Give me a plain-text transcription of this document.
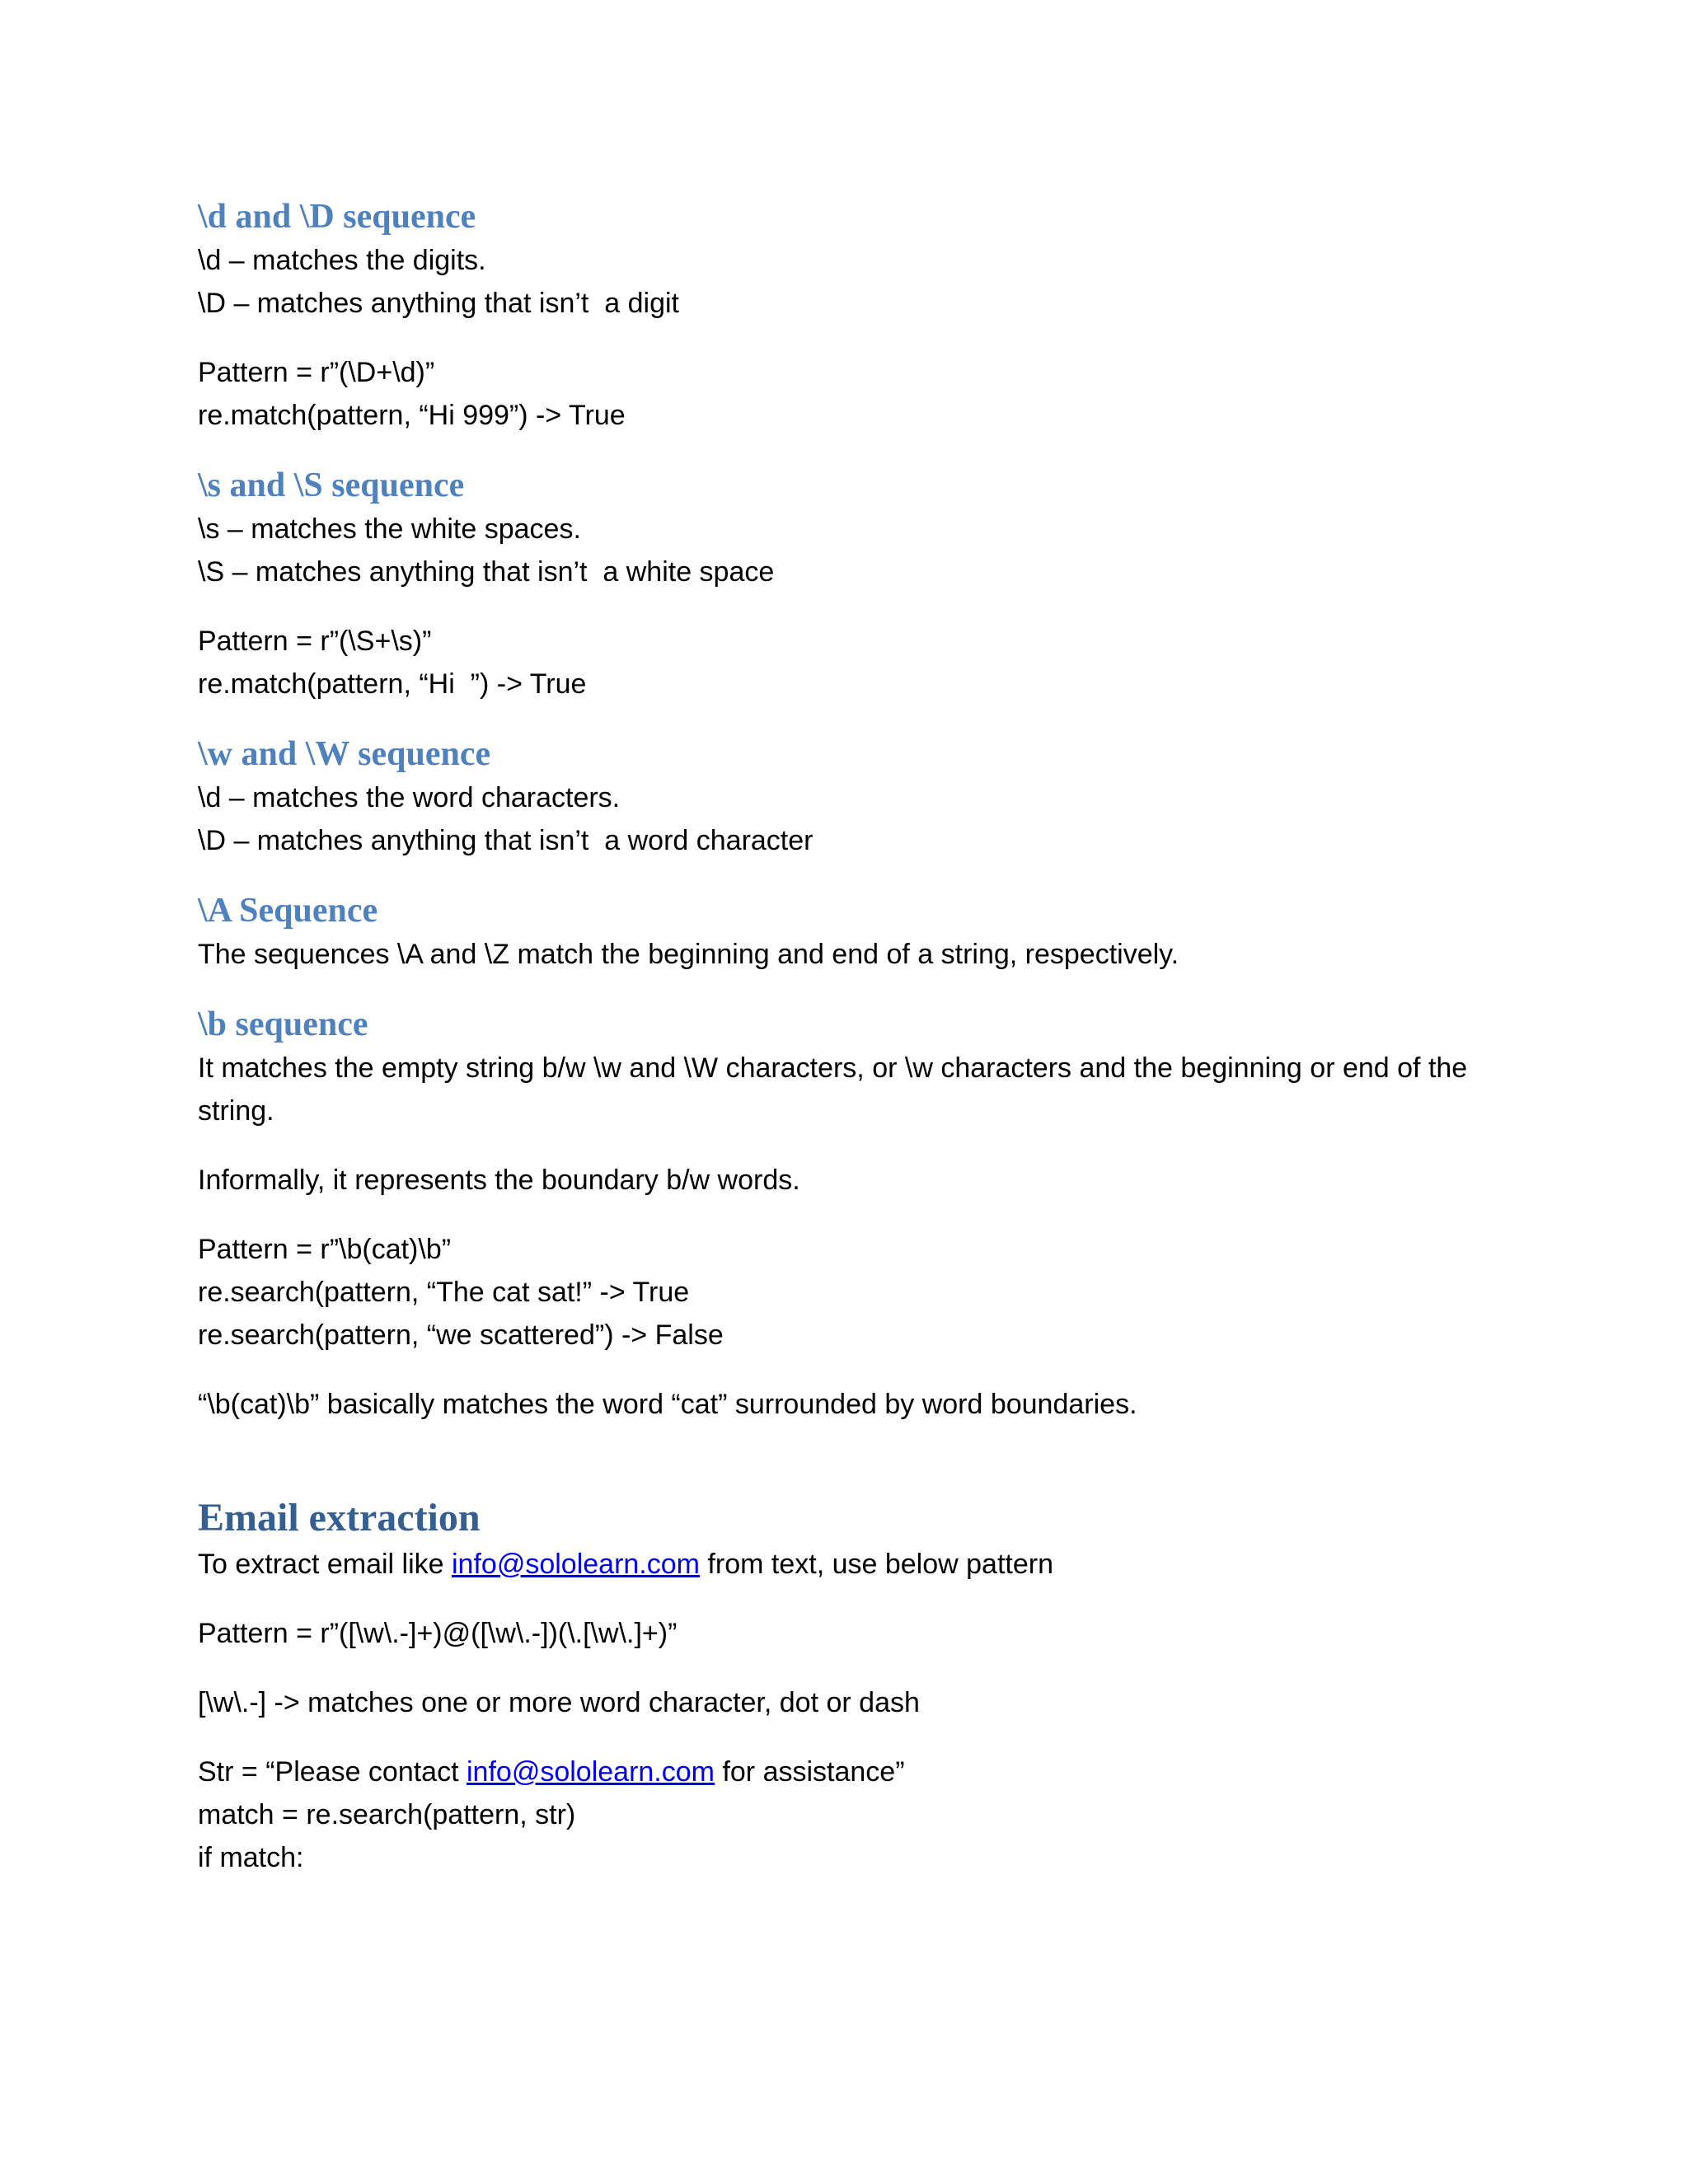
\d and \D sequence

\d – matches the digits.

\D – matches anything that isn’t  a digit

Pattern = r”(\D+\d)”

re.match(pattern, “Hi 999”) -> True

\s and \S sequence

\s – matches the white spaces.

\S – matches anything that isn’t  a white space

Pattern = r”(\S+\s)”

re.match(pattern, “Hi  ”) -> True

\w and \W sequence

\d – matches the word characters.

\D – matches anything that isn’t  a word character

\A Sequence

The sequences \A and \Z match the beginning and end of a string, respectively.

\b sequence

It matches the empty string b/w \w and \W characters, or \w characters and the beginning or end of the string.

Informally, it represents the boundary b/w words.

Pattern = r”\b(cat)\b”

re.search(pattern, “The cat sat!” -> True

re.search(pattern, “we scattered”) -> False

“\b(cat)\b” basically matches the word “cat” surrounded by word boundaries.

Email extraction

To extract email like info@sololearn.com from text, use below pattern

Pattern = r”([\w\.-]+)@([\w\.-])(\.[\w\.]+)”

[\w\.-] -> matches one or more word character, dot or dash

Str = “Please contact info@sololearn.com for assistance”

match = re.search(pattern, str)

if match:
